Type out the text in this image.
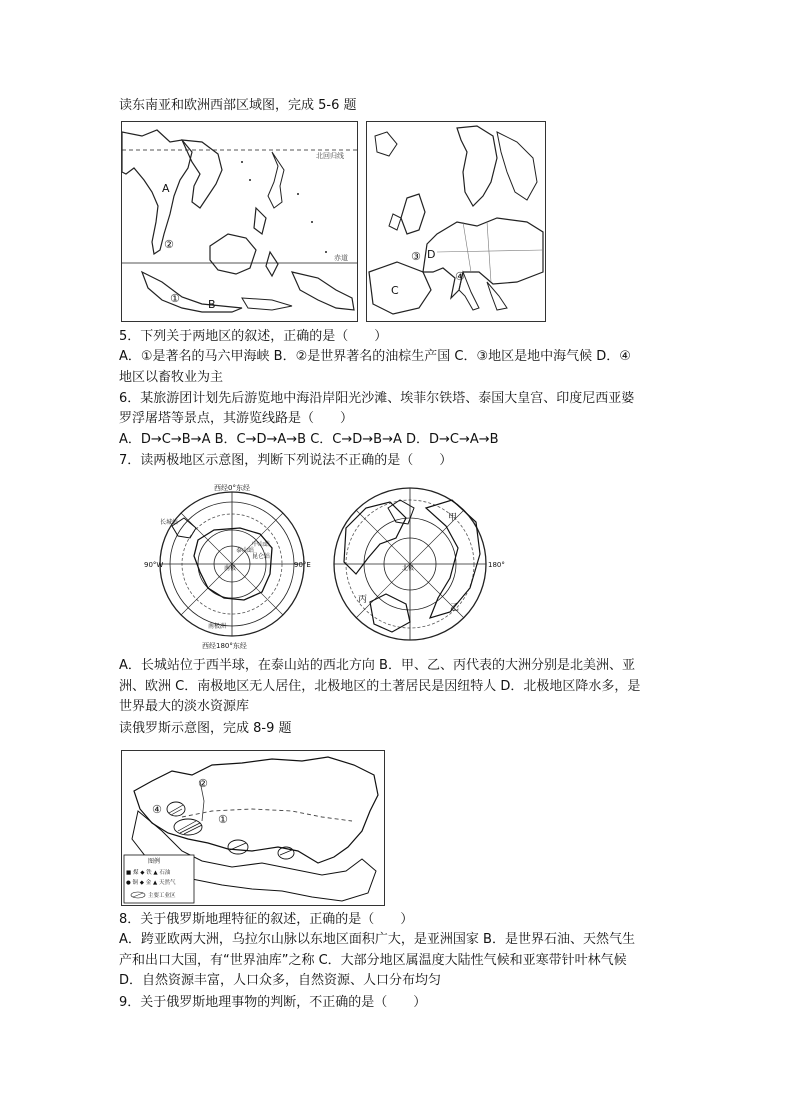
读东南亚和欧洲西部区域图，完成 5-6 题
北回归线
赤道
A
②
①	B
③ D
④
C
5．下列关于两地区的叙述，正确的是（　　）
A．①是著名的马六甲海峡 B．②是世界著名的油棕生产国 C．③地区是地中海气候 D．④
地区以畜牧业为主
6．某旅游团计划先后游览地中海沿岸阳光沙滩、埃菲尔铁塔、泰国大皇宫、印度尼西亚婆
罗浮屠塔等景点，其游览线路是（　　）
A．D→C→B→A B．C→D→A→B C．C→D→B→A D．D→C→A→B
7．读两极地区示意图，判断下列说法不正确的是（　　）
西经0°东经
西经180°东经
90°W	90°E
南极
长城站
泰山站
中山站
昆仑站
南极洲
180°
北极
甲
乙
丙
A．长城站位于西半球，在泰山站的西北方向 B．甲、乙、丙代表的大洲分别是北美洲、亚
洲、欧洲 C．南极地区无人居住，北极地区的土著居民是因纽特人 D．北极地区降水多，是
世界最大的淡水资源库
读俄罗斯示意图，完成 8-9 题
图例
■ 煤 ◆ 铁 ▲ 石油
● 铜 ◆ 金 ▲ 天然气
主要工业区
②
④
①
8．关于俄罗斯地理特征的叙述，正确的是（　　）
A．跨亚欧两大洲，乌拉尔山脉以东地区面积广大，是亚洲国家 B．是世界石油、天然气生
产和出口大国，有“世界油库”之称 C．大部分地区属温度大陆性气候和亚寒带针叶林气候
D．自然资源丰富，人口众多，自然资源、人口分布均匀
9．关于俄罗斯地理事物的判断，不正确的是（　　）
